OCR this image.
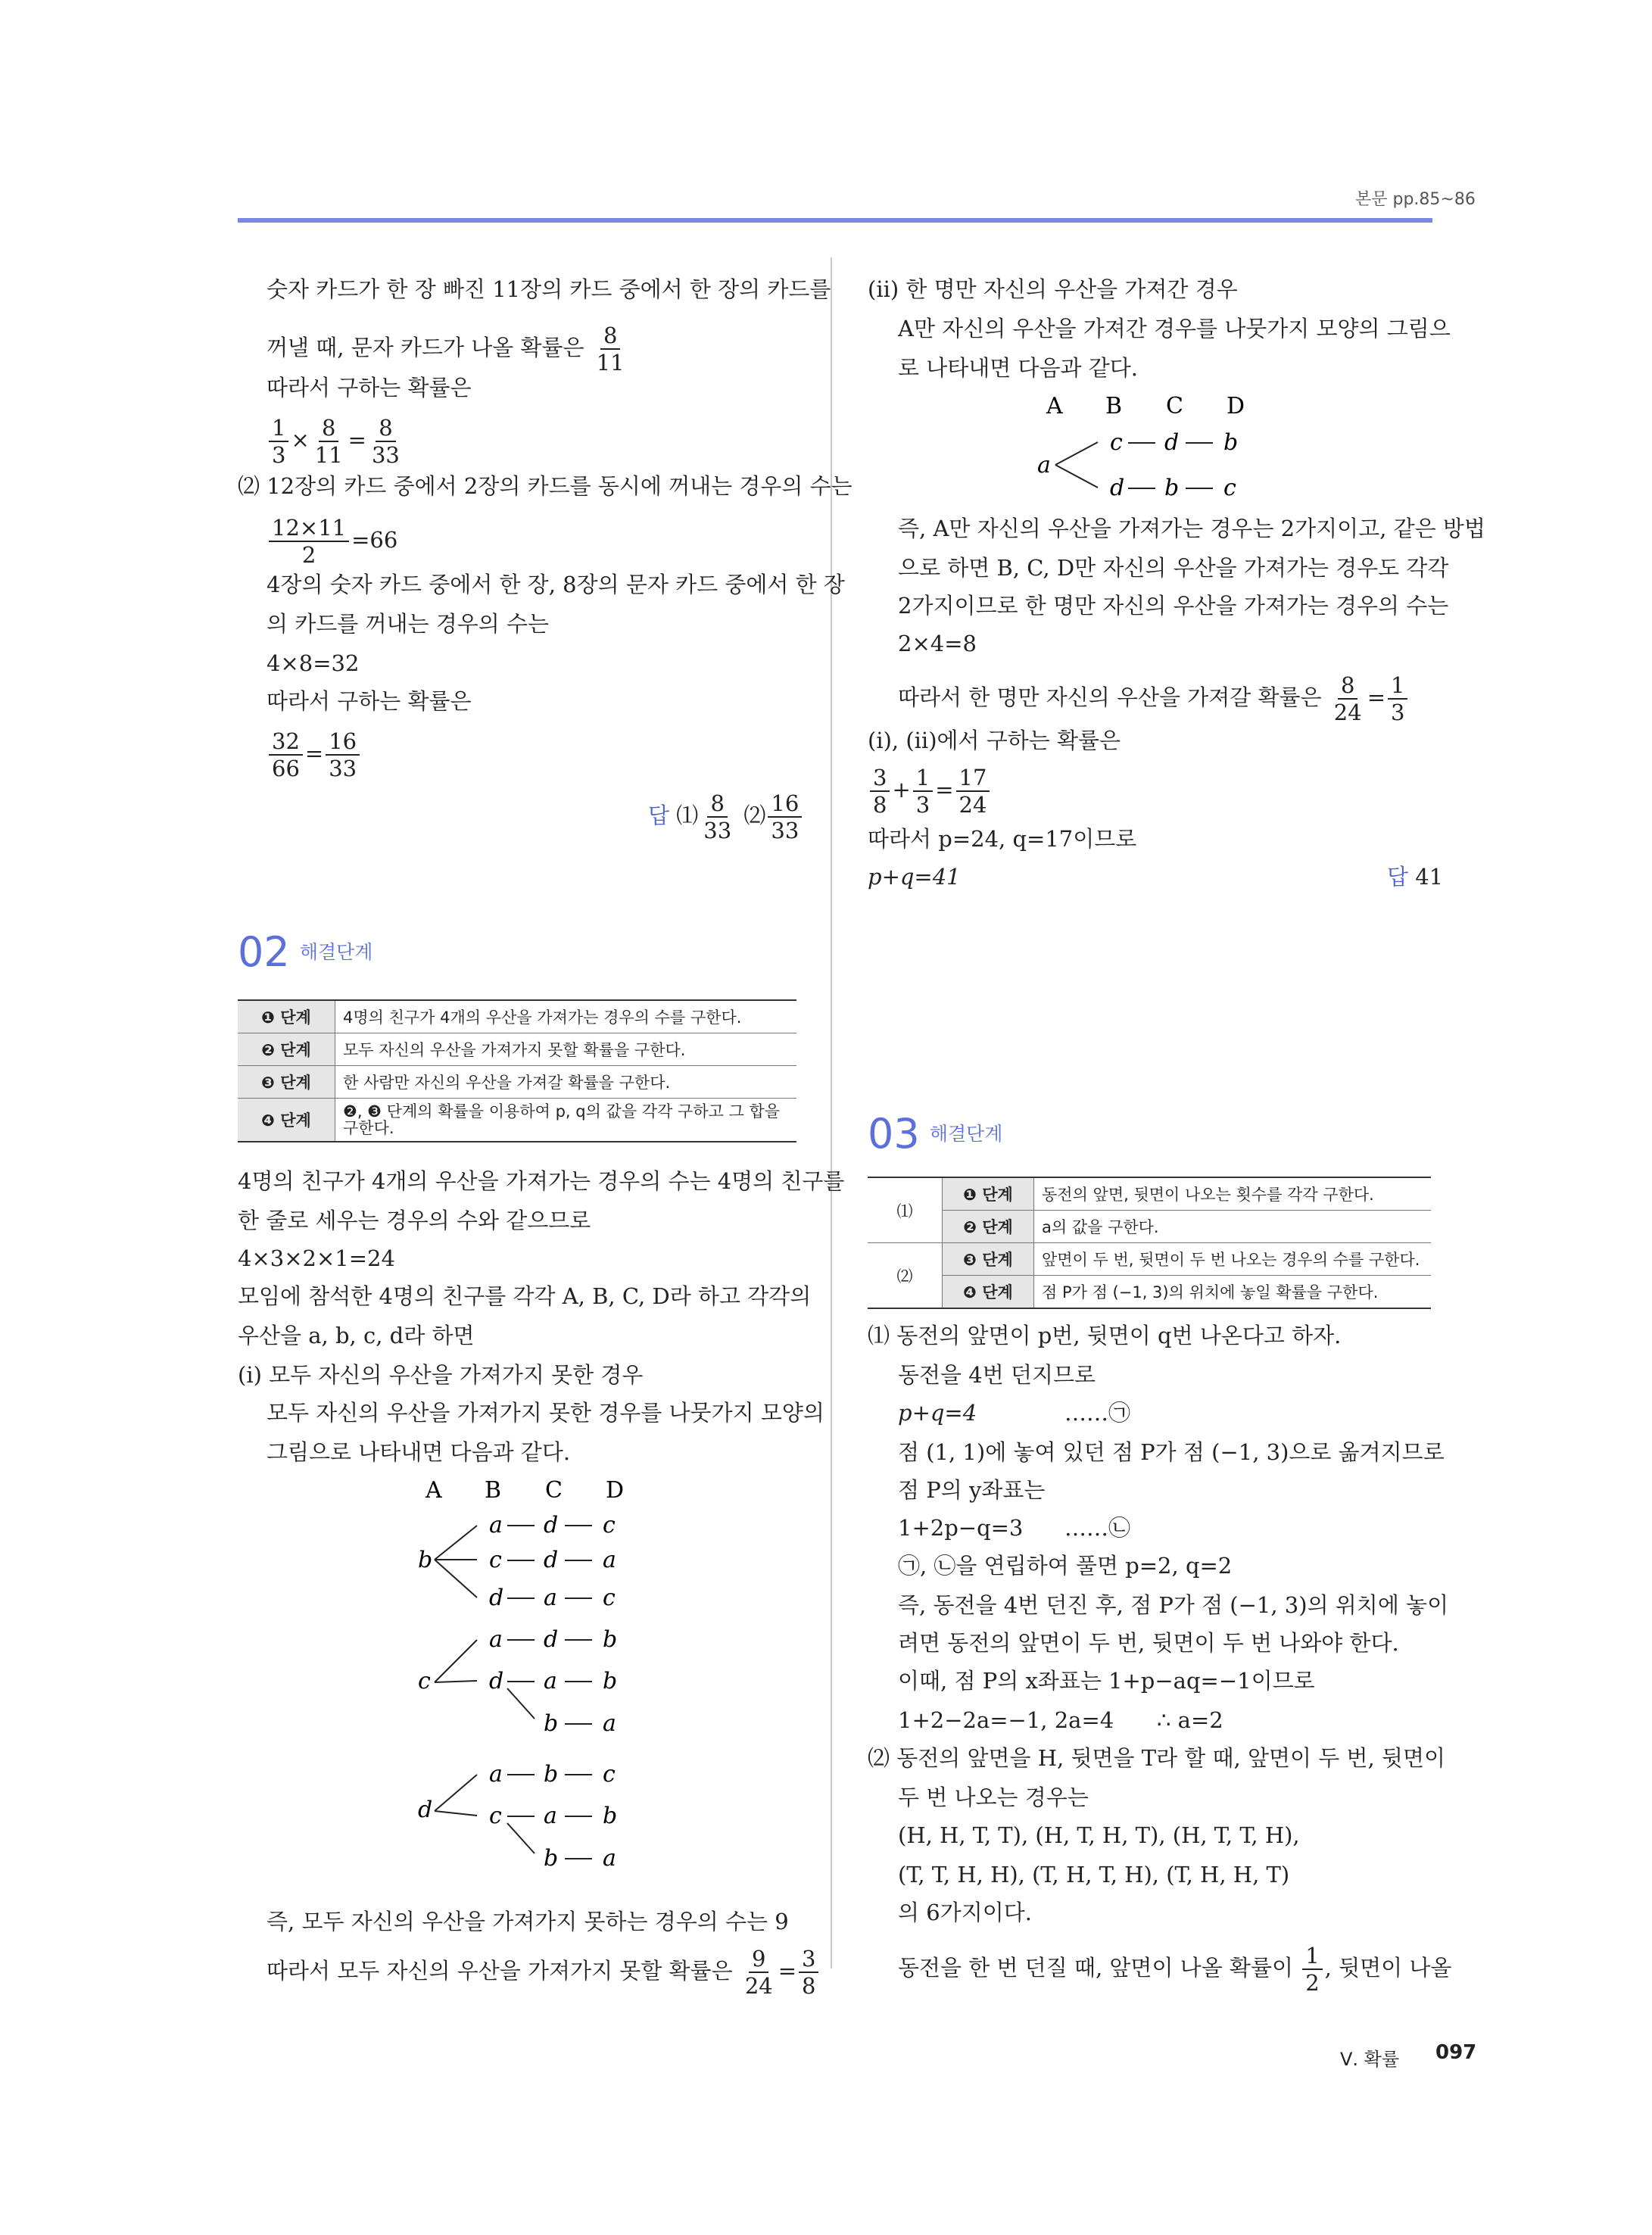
본문 pp.85~86
숫자 카드가 한 장 빠진 11장의 카드 중에서 한 장의 카드를
꺼낼 때, 문자 카드가 나올 확률은 $\frac{8}{11}$
따라서 구하는 확률은
$\frac{1}{3} \times \frac{8}{11} = \frac{8}{33}$
⑵ 12장의 카드 중에서 2장의 카드를 동시에 꺼내는 경우의 수는
$\frac{12\times 11}{2} =66$
4장의 숫자 카드 중에서 한 장, 8장의 문자 카드 중에서 한 장
의 카드를 꺼내는 경우의 수는
4×8=32
따라서 구하는 확률은
$\frac{32}{66} = \frac{16}{33}$
답 ⑴ $\frac{8}{33}$ ⑵ $\frac{16}{33}$
02 해결단계
❶ 단계	4명의 친구가 4개의 우산을 가져가는 경우의 수를 구한다.
❷ 단계	모두 자신의 우산을 가져가지 못할 확률을 구한다.
❸ 단계	한 사람만 자신의 우산을 가져갈 확률을 구한다.
❹ 단계	❷, ❸ 단계의 확률을 이용하여 p, q의 값을 각각 구하고 그 합을 구한다.
4명의 친구가 4개의 우산을 가져가는 경우의 수는 4명의 친구를
한 줄로 세우는 경우의 수와 같으므로
4×3×2×1=24
모임에 참석한 4명의 친구를 각각 A, B, C, D라 하고 각각의
우산을 a, b, c, d라 하면
(ⅰ) 모두 자신의 우산을 가져가지 못한 경우
모두 자신의 우산을 가져가지 못한 경우를 나뭇가지 모양의
그림으로 나타내면 다음과 같다.
A B C D
b
a d c
c d a
d a c
c
a d b
d a b
b a
d
a b c
c a b
b a
즉, 모두 자신의 우산을 가져가지 못하는 경우의 수는 9
따라서 모두 자신의 우산을 가져가지 못할 확률은 $\frac{9}{24} = \frac{3}{8}$
(ⅱ) 한 명만 자신의 우산을 가져간 경우
A만 자신의 우산을 가져간 경우를 나뭇가지 모양의 그림으
로 나타내면 다음과 같다.
A B C D
a
c d b
d b c
즉, A만 자신의 우산을 가져가는 경우는 2가지이고, 같은 방법
으로 하면 B, C, D만 자신의 우산을 가져가는 경우도 각각
2가지이므로 한 명만 자신의 우산을 가져가는 경우의 수는
2×4=8
따라서 한 명만 자신의 우산을 가져갈 확률은 $\frac{8}{24} = \frac{1}{3}$
(ⅰ), (ⅱ)에서 구하는 확률은
$\frac{3}{8} + \frac{1}{3} = \frac{17}{24}$
따라서 p=24, q=17이므로
p+q=41	답 41
03 해결단계
⑴	❶ 단계	동전의 앞면, 뒷면이 나오는 횟수를 각각 구한다.
	❷ 단계	a의 값을 구한다.
⑵	❸ 단계	앞면이 두 번, 뒷면이 두 번 나오는 경우의 수를 구한다.
	❹ 단계	점 P가 점 (−1, 3)의 위치에 놓일 확률을 구한다.
⑴ 동전의 앞면이 p번, 뒷면이 q번 나온다고 하자.
동전을 4번 던지므로
p+q=4	……㉠
점 (1, 1)에 놓여 있던 점 P가 점 (−1, 3)으로 옮겨지므로
점 P의 y좌표는
1+2p−q=3 ……㉡
㉠, ㉡을 연립하여 풀면 p=2, q=2
즉, 동전을 4번 던진 후, 점 P가 점 (−1, 3)의 위치에 놓이
려면 동전의 앞면이 두 번, 뒷면이 두 번 나와야 한다.
이때, 점 P의 x좌표는 1+p−aq=−1이므로
1+2−2a=−1, 2a=4 ∴ a=2
⑵ 동전의 앞면을 H, 뒷면을 T라 할 때, 앞면이 두 번, 뒷면이
두 번 나오는 경우는
(H, H, T, T), (H, T, H, T), (H, T, T, H),
(T, T, H, H), (T, H, T, H), (T, H, H, T)
의 6가지이다.
동전을 한 번 던질 때, 앞면이 나올 확률이 $\frac{1}{2}$ , 뒷면이 나올
Ⅴ. 확률 097
